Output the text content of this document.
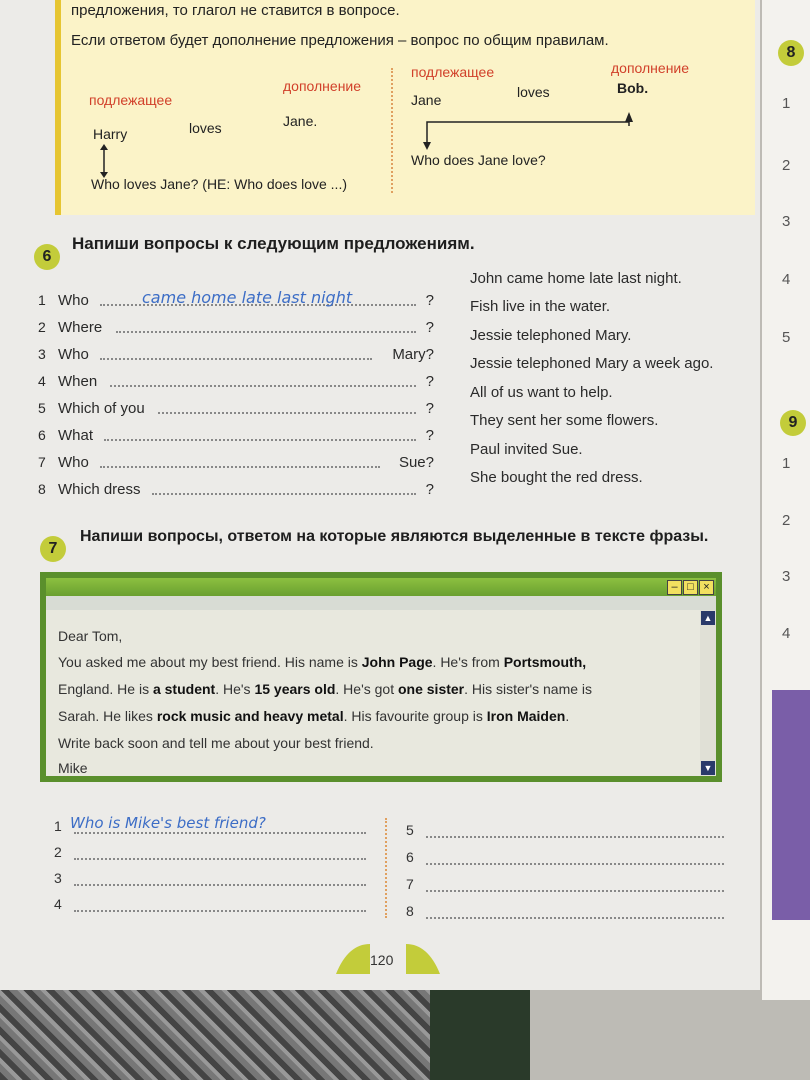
предложения, то глагол не ставится в вопросе.
Если ответом будет дополнение предложения – вопрос по общим правилам.
подлежащее
дополнение
Harry	loves	Jane.
Who loves Jane? (НЕ: Who does love ...)
подлежащее	дополнение
Jane	loves	Bob.
Who does Jane love?
6
Напиши вопросы к следующим предложениям.
1 Who	came home late last night	?
2 Where	?
3 Who	Mary?
4 When	?
5 Which of you	?
6 What	?
7 Who	Sue?
8 Which dress	?
John came home late last night.
Fish live in the water.
Jessie telephoned Mary.
Jessie telephoned Mary a week ago.
All of us want to help.
They sent her some flowers.
Paul invited Sue.
She bought the red dress.
7
Напиши вопросы, ответом на которые являются выделенные в тексте фразы.
– □ ×
Dear Tom,
You asked me about my best friend. His name is John Page. He's from Portsmouth,
England. He is a student. He's 15 years old. He's got one sister. His sister's name is
Sarah. He likes rock music and heavy metal. His favourite group is Iron Maiden.
Write back soon and tell me about your best friend.
Mike
▲
▼
1 Who is Mike's best friend?
2
3
4
5
6
7
8
120
8
1
2
3
4
5
9
1
2
3
4
